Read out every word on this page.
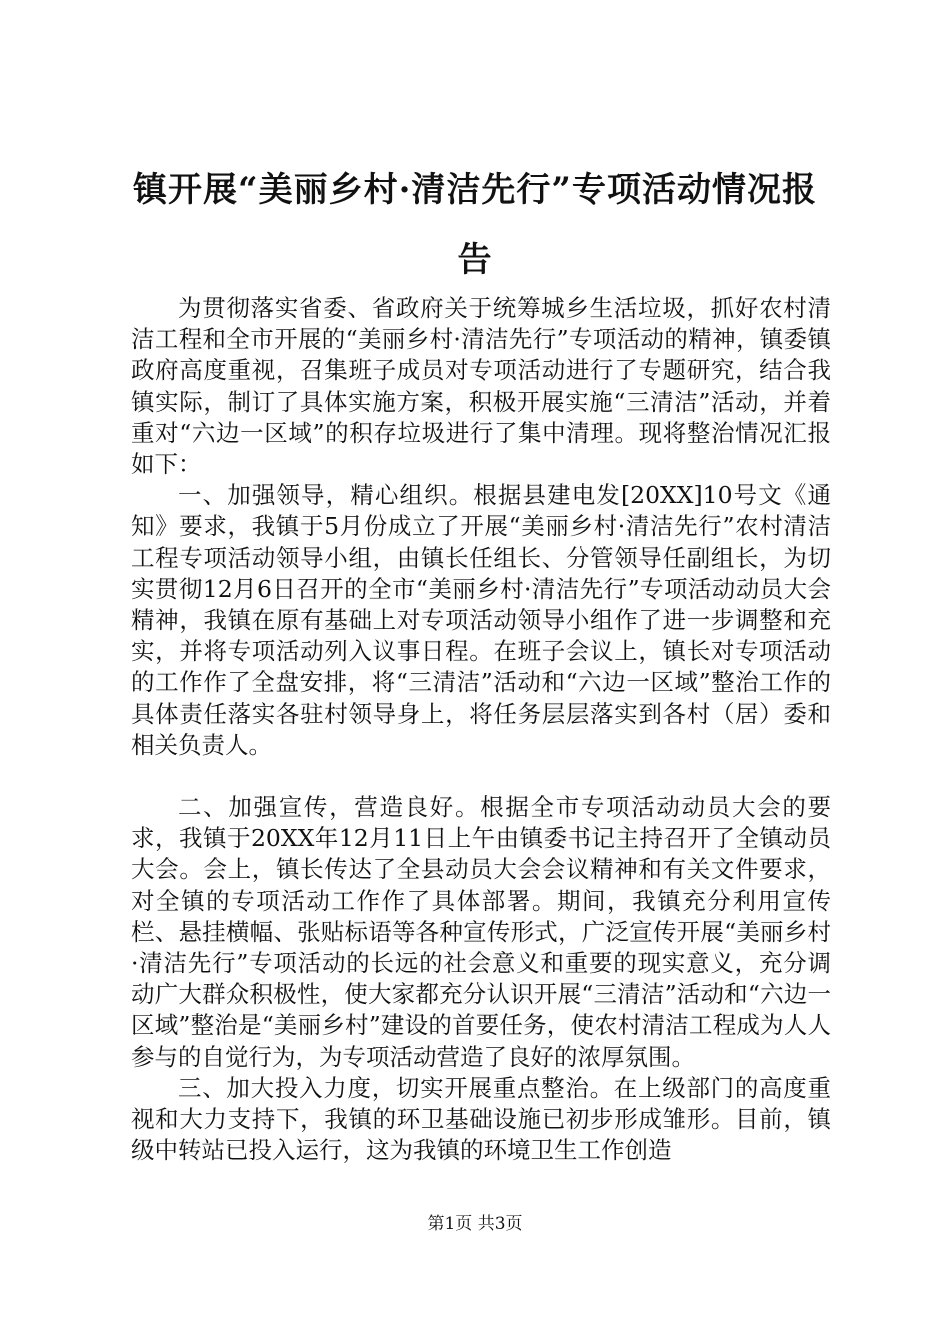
镇开展“美丽乡村·清洁先行”专项活动情况报告

为贯彻落实省委、省政府关于统筹城乡生活垃圾，抓好农村清洁工程和全市开展的“美丽乡村·清洁先行”专项活动的精神，镇委镇政府高度重视，召集班子成员对专项活动进行了专题研究，结合我镇实际，制订了具体实施方案，积极开展实施“三清洁”活动，并着重对“六边一区域”的积存垃圾进行了集中清理。现将整治情况汇报如下：

一、加强领导，精心组织。根据县建电发[20XX]10号文《通知》要求，我镇于5月份成立了开展“美丽乡村·清洁先行”农村清洁工程专项活动领导小组，由镇长任组长、分管领导任副组长，为切实贯彻12月6日召开的全市“美丽乡村·清洁先行”专项活动动员大会精神，我镇在原有基础上对专项活动领导小组作了进一步调整和充实，并将专项活动列入议事日程。在班子会议上，镇长对专项活动的工作作了全盘安排，将“三清洁”活动和“六边一区域”整治工作的具体责任落实各驻村领导身上，将任务层层落实到各村（居）委和相关负责人。

二、加强宣传，营造良好。根据全市专项活动动员大会的要求，我镇于20XX年12月11日上午由镇委书记主持召开了全镇动员大会。会上，镇长传达了全县动员大会会议精神和有关文件要求，对全镇的专项活动工作作了具体部署。期间，我镇充分利用宣传栏、悬挂横幅、张贴标语等各种宣传形式，广泛宣传开展“美丽乡村·清洁先行”专项活动的长远的社会意义和重要的现实意义，充分调动广大群众积极性，使大家都充分认识开展“三清洁”活动和“六边一区域”整治是“美丽乡村”建设的首要任务，使农村清洁工程成为人人参与的自觉行为，为专项活动营造了良好的浓厚氛围。

三、加大投入力度，切实开展重点整治。在上级部门的高度重视和大力支持下，我镇的环卫基础设施已初步形成雏形。目前，镇级中转站已投入运行，这为我镇的环境卫生工作创造

第1页 共3页
